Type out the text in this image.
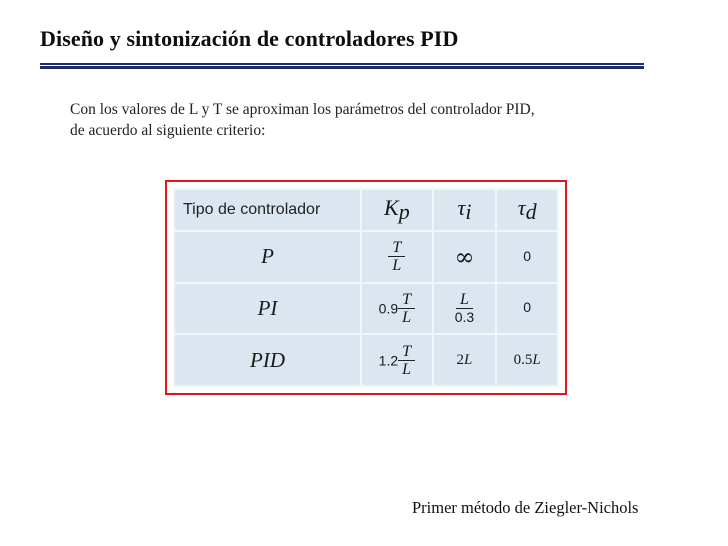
Diseño y sintonización de controladores PID
Con los valores de L y T se aproximan los parámetros del controlador PID,
de acuerdo al siguiente criterio:
Tipo de controlador	$K_p$	$\tau_i$	$\tau_d$
P	$\frac{T}{L}$	∞	0
PI	$0.9 \frac{T}{L}$	$\frac{L}{0.3}$	0
PID	$1.2 \frac{T}{L}$	2L	0.5L
Primer método de Ziegler-Nichols
